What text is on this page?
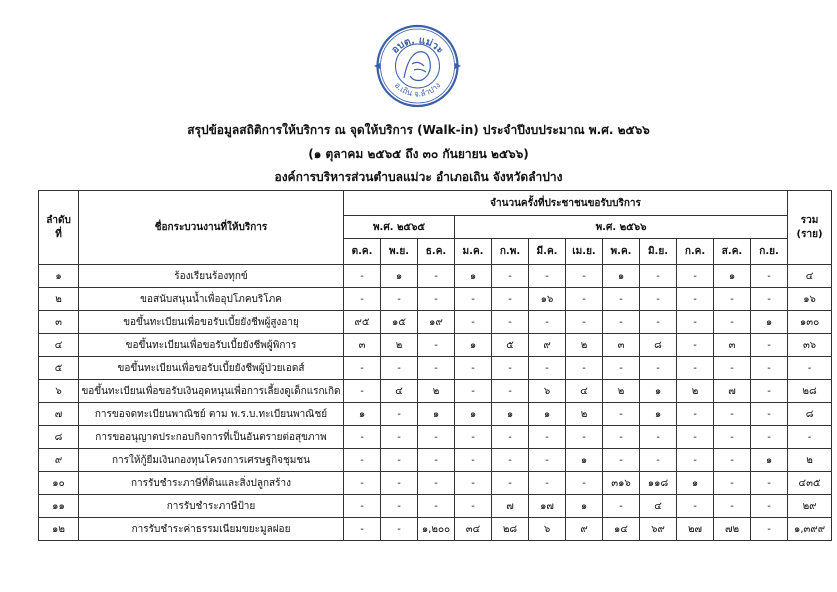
อบต. แม่วะ
อ.เถิน จ.ลำปาง
สรุปข้อมูลสถิติการให้บริการ ณ จุดให้บริการ (Walk-in) ประจำปีงบประมาณ พ.ศ. ๒๕๖๖
(๑ ตุลาคม ๒๕๖๕ ถึง ๓๐ กันยายน ๒๕๖๖)
องค์การบริหารส่วนตำบลแม่วะ อำเภอเถิน จังหวัดลำปาง
ลำดับ
ที่	ชื่อกระบวนงานที่ให้บริการ	จำนวนครั้งที่ประชาชนขอรับบริการ												รวม
(ราย)
		พ.ศ. ๒๕๖๕			พ.ศ. ๒๕๖๖									
		ต.ค.	พ.ย.	ธ.ค.	ม.ค.	ก.พ.	มี.ค.	เม.ย.	พ.ค.	มิ.ย.	ก.ค.	ส.ค.	ก.ย.	
๑	ร้องเรียนร้องทุกข์	-	๑	-	๑	-	-	-	๑	-	-	๑	-	๔
๒	ขอสนับสนุนน้ำเพื่ออุปโภคบริโภค	-	-	-	-	-	๑๖	-	-	-	-	-	-	๑๖
๓	ขอขึ้นทะเบียนเพื่อขอรับเบี้ยยังชีพผู้สูงอายุ	๙๕	๑๕	๑๙	-	-	-	-	-	-	-	-	๑	๑๓๐
๔	ขอขึ้นทะเบียนเพื่อขอรับเบี้ยยังชีพผู้พิการ	๓	๒	-	๑	๕	๙	๒	๓	๘	-	๓	-	๓๖
๕	ขอขึ้นทะเบียนเพื่อขอรับเบี้ยยังชีพผู้ป่วยเอดส์	-	-	-	-	-	-	-	-	-	-	-	-	-
๖	ขอขึ้นทะเบียนเพื่อขอรับเงินอุดหนุนเพื่อการเลี้ยงดูเด็กแรกเกิด	-	๔	๒	-	-	๖	๔	๒	๑	๒	๗	-	๒๘
๗	การขอจดทะเบียนพาณิชย์ ตาม พ.ร.บ.ทะเบียนพาณิชย์	๑	-	๑	๑	๑	๑	๒	-	๑	-	-	-	๘
๘	การขออนุญาตประกอบกิจการที่เป็นอันตรายต่อสุขภาพ	-	-	-	-	-	-	-	-	-	-	-	-	-
๙	การให้กู้ยืมเงินกองทุนโครงการเศรษฐกิจชุมชน	-	-	-	-	-	-	๑	-	-	-	-	๑	๒
๑๐	การรับชำระภาษีที่ดินและสิ่งปลูกสร้าง	-	-	-	-	-	-	-	๓๑๖	๑๑๘	๑	-	-	๔๓๕
๑๑	การรับชำระภาษีป้าย	-	-	-	-	๗	๑๗	๑	-	๔	-	-	-	๒๙
๑๒	การรับชำระค่าธรรมเนียมขยะมูลฝอย	-	-	๑,๒๐๐	๓๔	๒๘	๖	๙	๑๔	๖๙	๒๗	๗๒	-	๑,๓๙๙
